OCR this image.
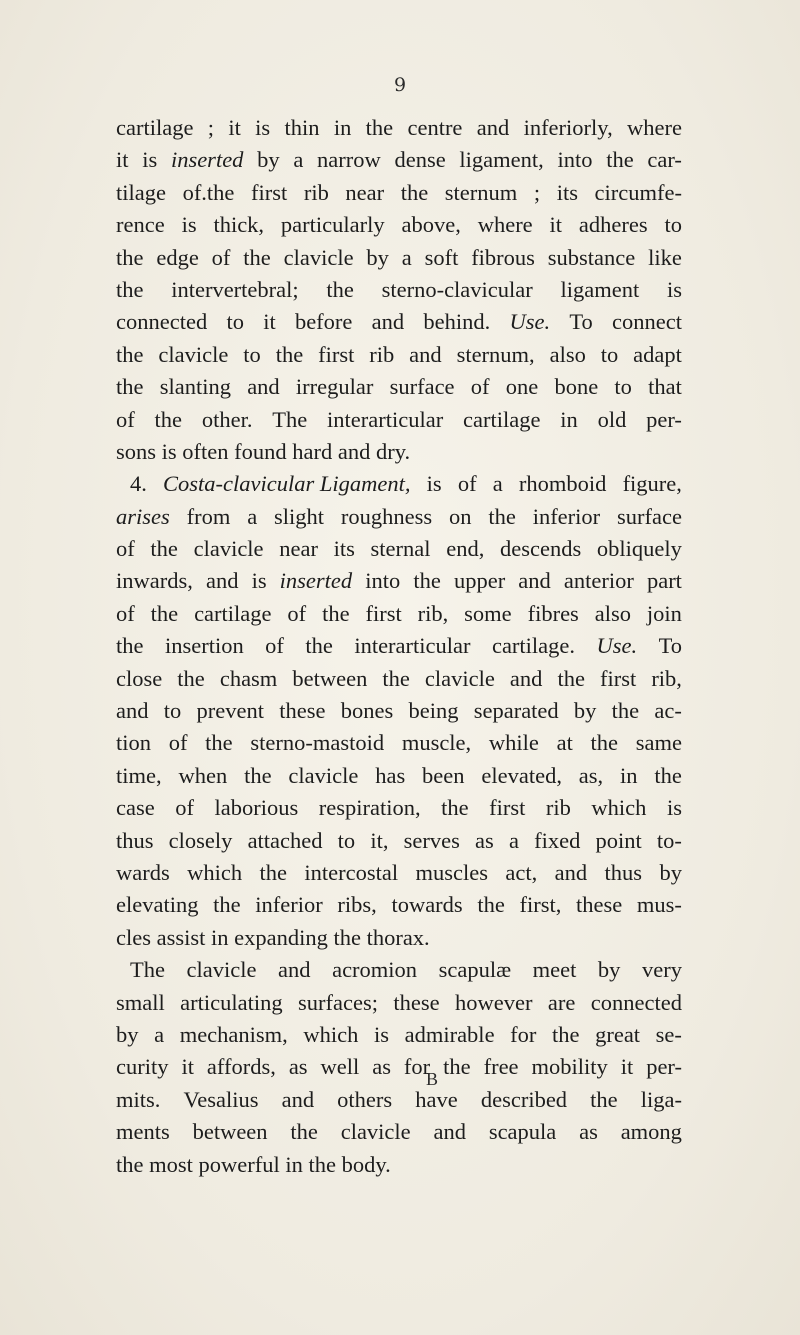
9
cartilage ; it is thin in the centre and inferiorly, where
it is inserted by a narrow dense ligament, into the car-
tilage of.the first rib near the sternum ; its circumfe-
rence is thick, particularly above, where it adheres to
the edge of the clavicle by a soft fibrous substance like
the intervertebral; the sterno-clavicular ligament is
connected to it before and behind. Use. To connect
the clavicle to the first rib and sternum, also to adapt
the slanting and irregular surface of one bone to that
of the other. The interarticular cartilage in old per-
sons is often found hard and dry.
4. Costa-clavicular Ligament, is of a rhomboid figure,
arises from a slight roughness on the inferior surface
of the clavicle near its sternal end, descends obliquely
inwards, and is inserted into the upper and anterior part
of the cartilage of the first rib, some fibres also join
the insertion of the interarticular cartilage. Use. To
close the chasm between the clavicle and the first rib,
and to prevent these bones being separated by the ac-
tion of the sterno-mastoid muscle, while at the same
time, when the clavicle has been elevated, as, in the
case of laborious respiration, the first rib which is
thus closely attached to it, serves as a fixed point to-
wards which the intercostal muscles act, and thus by
elevating the inferior ribs, towards the first, these mus-
cles assist in expanding the thorax.
The clavicle and acromion scapulæ meet by very
small articulating surfaces; these however are connected
by a mechanism, which is admirable for the great se-
curity it affords, as well as for the free mobility it per-
mits. Vesalius and others have described the liga-
ments between the clavicle and scapula as among
the most powerful in the body.
B
